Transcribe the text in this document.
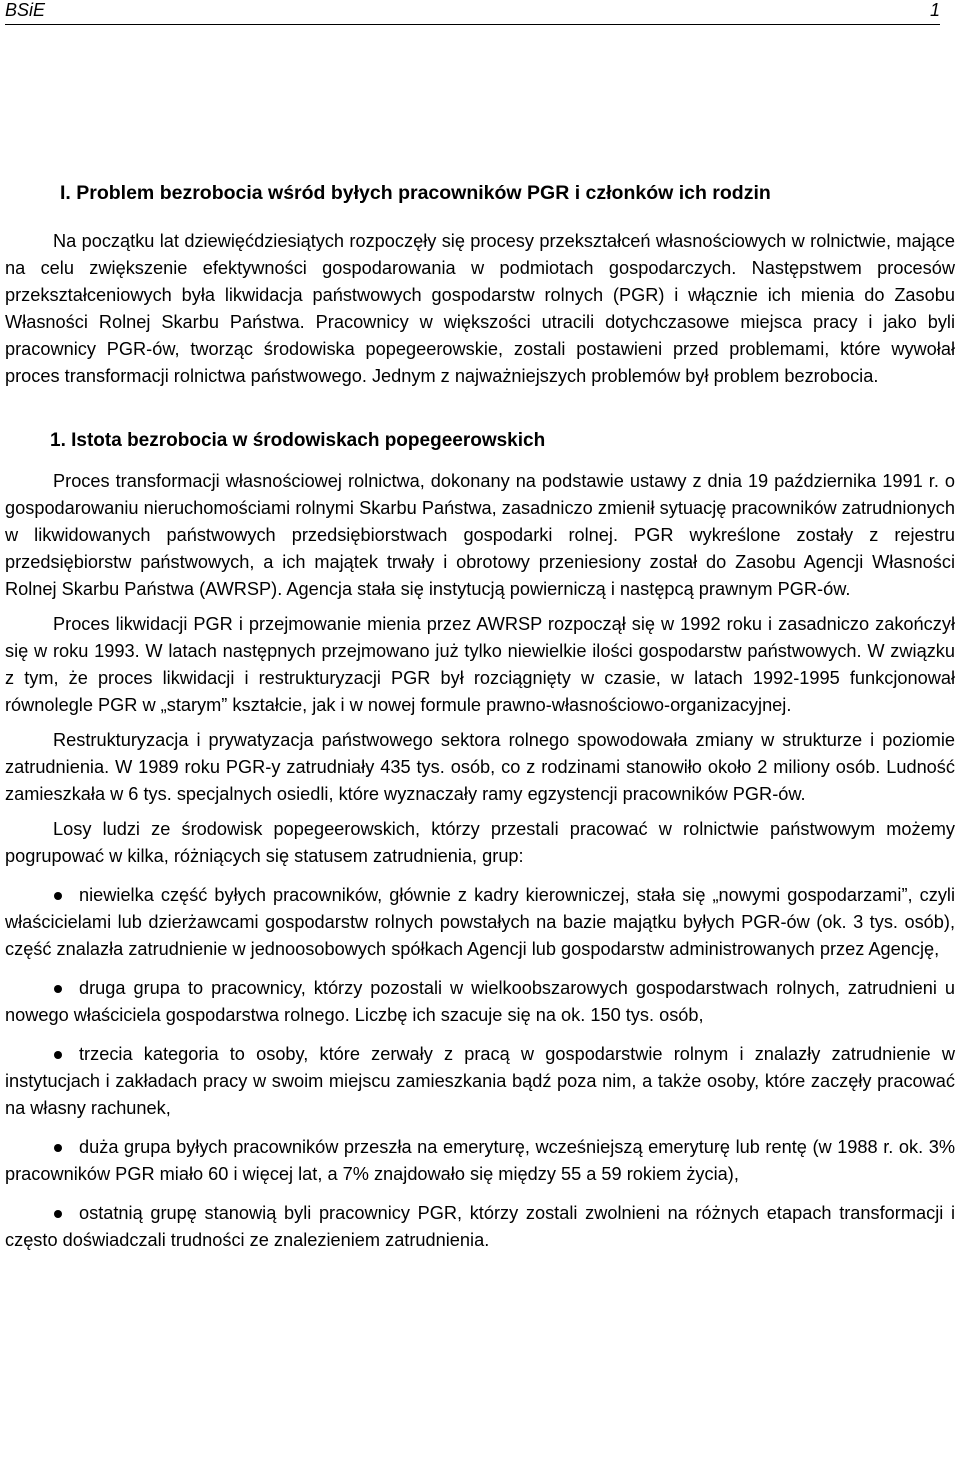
BSiE	1
I. Problem bezrobocia wśród byłych pracowników PGR i członków ich rodzin

Na początku lat dziewięćdziesiątych rozpoczęły się procesy przekształceń własnościowych w rolnictwie, mające na celu zwiększenie efektywności gospodarowania w podmiotach gospodarczych. Następstwem procesów przekształceniowych była likwidacja państwowych gospodarstw rolnych (PGR) i włącznie ich mienia do Zasobu Własności Rolnej Skarbu Państwa. Pracownicy w większości utracili dotychczasowe miejsca pracy i jako byli pracownicy PGR-ów, tworząc środowiska popegeerowskie, zostali postawieni przed problemami, które wywołał proces transformacji rolnictwa państwowego. Jednym z najważniejszych problemów był problem bezrobocia.

1. Istota bezrobocia w środowiskach popegeerowskich

Proces transformacji własnościowej rolnictwa, dokonany na podstawie ustawy z dnia 19 października 1991 r. o gospodarowaniu nieruchomościami rolnymi Skarbu Państwa, zasadniczo zmienił sytuację pracowników zatrudnionych w likwidowanych państwowych przedsiębiorstwach gospodarki rolnej. PGR wykreślone zostały z rejestru przedsiębiorstw państwowych, a ich majątek trwały i obrotowy przeniesiony został do Zasobu Agencji Własności Rolnej Skarbu Państwa (AWRSP). Agencja stała się instytucją powierniczą i następcą prawnym PGR-ów.

Proces likwidacji PGR i przejmowanie mienia przez AWRSP rozpoczął się w 1992 roku i zasadniczo zakończył się w roku 1993. W latach następnych przejmowano już tylko niewielkie ilości gospodarstw państwowych. W związku z tym, że proces likwidacji i restrukturyzacji PGR był rozciągnięty w czasie, w latach 1992-1995 funkcjonował równolegle PGR w „starym” kształcie, jak i w nowej formule prawno-własnościowo-organizacyjnej.

Restrukturyzacja i prywatyzacja państwowego sektora rolnego spowodowała zmiany w strukturze i poziomie zatrudnienia. W 1989 roku PGR-y zatrudniały 435 tys. osób, co z rodzinami stanowiło około 2 miliony osób. Ludność zamieszkała w 6 tys. specjalnych osiedli, które wyznaczały ramy egzystencji pracowników PGR-ów.

Losy ludzi ze środowisk popegeerowskich, którzy przestali pracować w rolnictwie państwowym możemy pogrupować w kilka, różniących się statusem zatrudnienia, grup:

niewielka część byłych pracowników, głównie z kadry kierowniczej, stała się „nowymi gospodarzami”, czyli właścicielami lub dzierżawcami gospodarstw rolnych powstałych na bazie majątku byłych PGR-ów (ok. 3 tys. osób), część znalazła zatrudnienie w jednoosobowych spółkach Agencji lub gospodarstw administrowanych przez Agencję,
druga grupa to pracownicy, którzy pozostali w wielkoobszarowych gospodarstwach rolnych, zatrudnieni u nowego właściciela gospodarstwa rolnego. Liczbę ich szacuje się na ok. 150 tys. osób,
trzecia kategoria to osoby, które zerwały z pracą w gospodarstwie rolnym i znalazły zatrudnienie w instytucjach i zakładach pracy w swoim miejscu zamieszkania bądź poza nim, a także osoby, które zaczęły pracować na własny rachunek,
duża grupa byłych pracowników przeszła na emeryturę, wcześniejszą emeryturę lub rentę (w 1988 r. ok. 3% pracowników PGR miało 60 i więcej lat, a 7% znajdowało się między 55 a 59 rokiem życia),
ostatnią grupę stanowią byli pracownicy PGR, którzy zostali zwolnieni na różnych etapach transformacji i często doświadczali trudności ze znalezieniem zatrudnienia.
